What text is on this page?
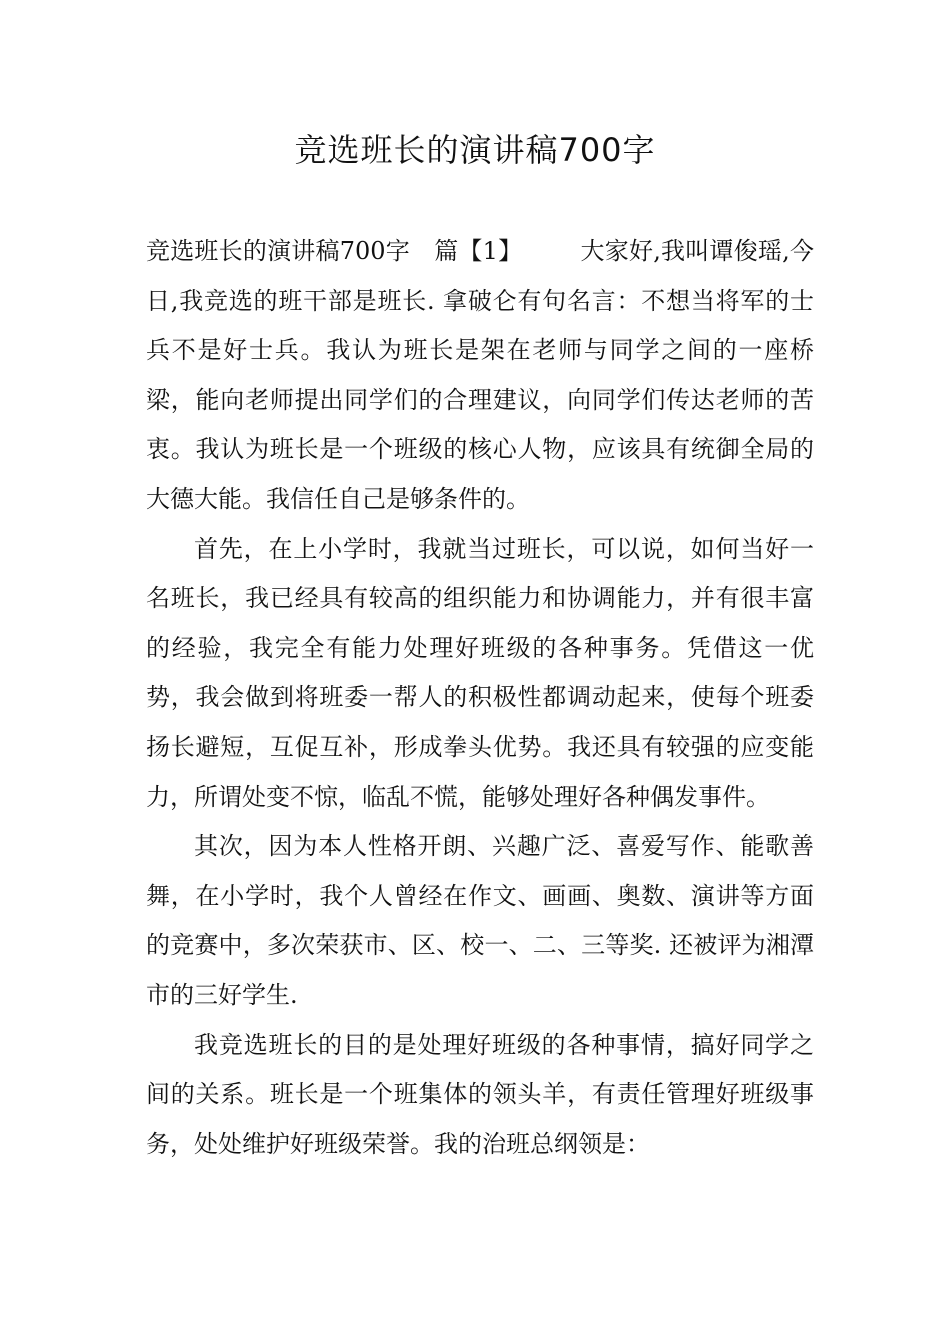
竞选班长的演讲稿700字

竞选班长的演讲稿700字　篇【1】 大家好,我叫谭俊瑶,今日,我竞选的班干部是班长. 拿破仑有句名言：不想当将军的士兵不是好士兵。我认为班长是架在老师与同学之间的一座桥梁，能向老师提出同学们的合理建议，向同学们传达老师的苦衷。我认为班长是一个班级的核心人物，应该具有统御全局的大德大能。我信任自己是够条件的。

首先，在上小学时，我就当过班长，可以说，如何当好一名班长，我已经具有较高的组织能力和协调能力，并有很丰富的经验，我完全有能力处理好班级的各种事务。凭借这一优势，我会做到将班委一帮人的积极性都调动起来，使每个班委扬长避短，互促互补，形成拳头优势。我还具有较强的应变能力，所谓处变不惊，临乱不慌，能够处理好各种偶发事件。

其次，因为本人性格开朗、兴趣广泛、喜爱写作、能歌善舞，在小学时，我个人曾经在作文、画画、奥数、演讲等方面的竞赛中，多次荣获市、区、校一、二、三等奖. 还被评为湘潭市的三好学生.

我竞选班长的目的是处理好班级的各种事情，搞好同学之间的关系。班长是一个班集体的领头羊，有责任管理好班级事务，处处维护好班级荣誉。我的治班总纲领是：
